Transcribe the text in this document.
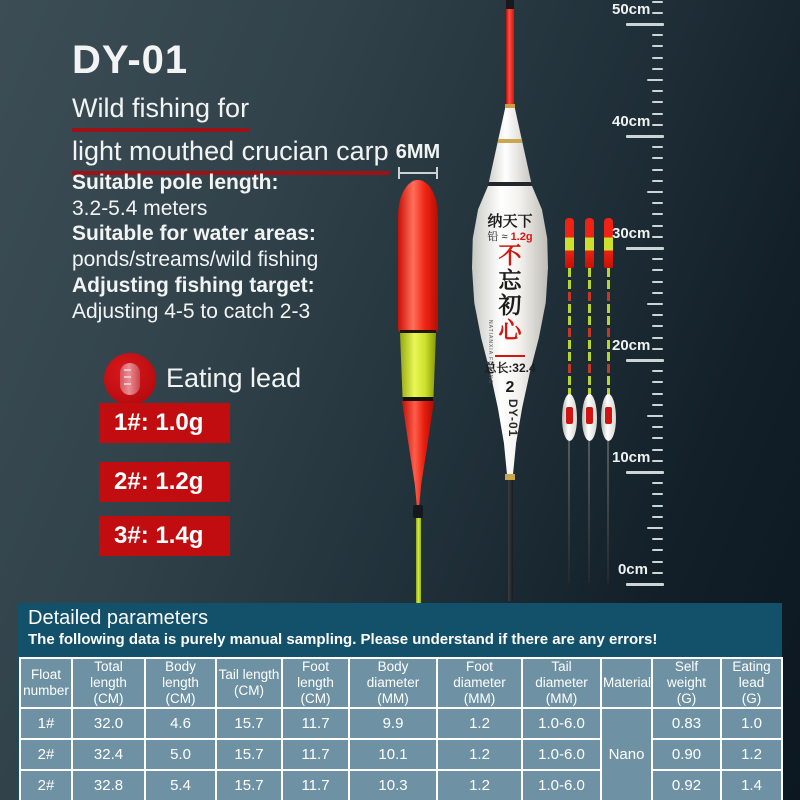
DY-01
Wild fishing for
light mouthed crucian carp
Suitable pole length:
3.2-5.4 meters
Suitable for water areas:
ponds/streams/wild fishing
Adjusting fishing target:
Adjusting 4-5 to catch 2-3
Eating lead
1#: 1.0g
2#: 1.2g
3#: 1.4g
6MM
纳天下
铅 ≈ 1.2g
不
忘
初
心
NATIANXIA FISHING
总长:32.4
2
DY-01
50cm
40cm
30cm
20cm
10cm
0cm
Detailed parameters
The following data is purely manual sampling. Please understand if there are any errors!
Float number

Total length
(CM)

Body length
(CM)

Tail length
(CM)

Foot length
(CM)

Body diameter
(MM)

Foot diameter
(MM)

Tail diameter
(MM)

Material

Self weight
(G)

Eating lead
(G)

1#	32.0	4.6	15.7	11.7	9.9	1.2	1.0-6.0	Nano	0.83	1.0
2#	32.4	5.0	15.7	11.7	10.1	1.2	1.0-6.0		0.90	1.2
2#	32.8	5.4	15.7	11.7	10.3	1.2	1.0-6.0		0.92	1.4
